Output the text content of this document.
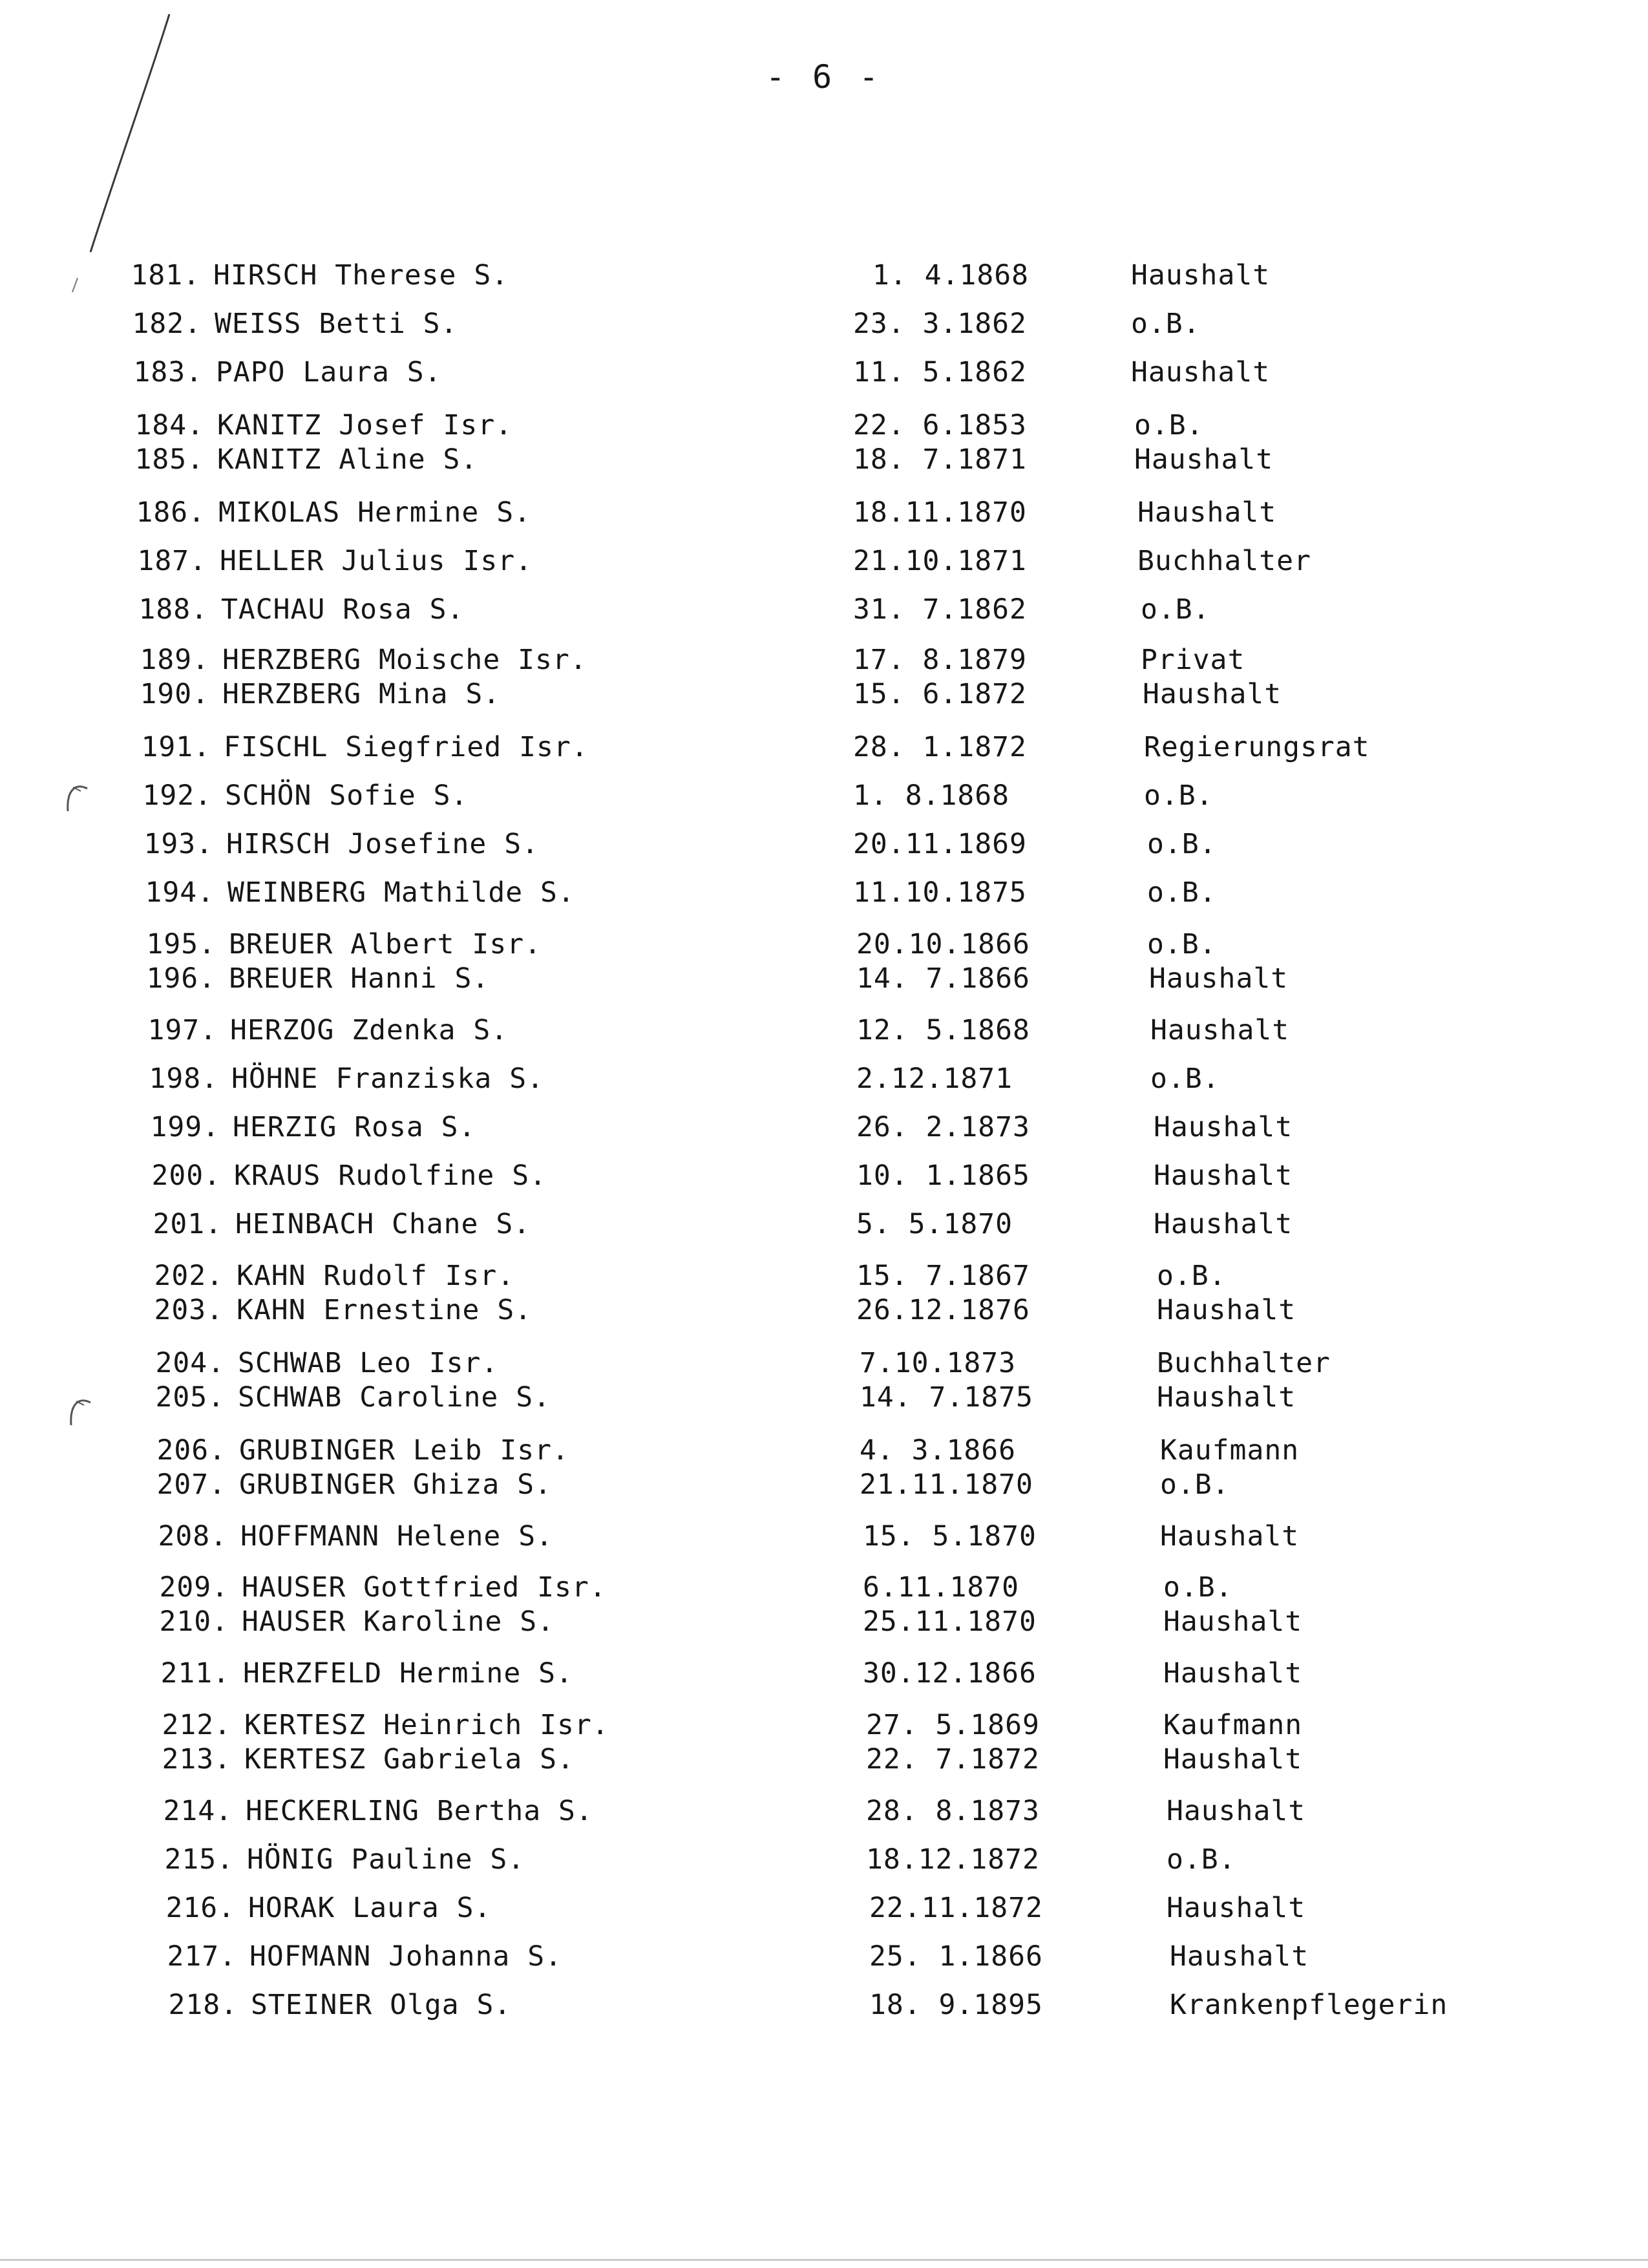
- 6 -
181. HIRSCH Therese S.	1. 4.1868	Haushalt
182. WEISS Betti S.	23. 3.1862	o.B.
183. PAPO Laura S.	11. 5.1862	Haushalt
184. KANITZ Josef Isr.	22. 6.1853	o.B.
185. KANITZ Aline S.	18. 7.1871	Haushalt
186. MIKOLAS Hermine S.	18.11.1870	Haushalt
187. HELLER Julius Isr.	21.10.1871	Buchhalter
188. TACHAU Rosa S.	31. 7.1862	o.B.
189. HERZBERG Moische Isr.	17. 8.1879	Privat
190. HERZBERG Mina S.	15. 6.1872	Haushalt
191. FISCHL Siegfried Isr.	28. 1.1872	Regierungsrat
192. SCHÖN Sofie S.	1. 8.1868	o.B.
193. HIRSCH Josefine S.	20.11.1869	o.B.
194. WEINBERG Mathilde S.	11.10.1875	o.B.
195. BREUER Albert Isr.	20.10.1866	o.B.
196. BREUER Hanni S.	14. 7.1866	Haushalt
197. HERZOG Zdenka S.	12. 5.1868	Haushalt
198. HÖHNE Franziska S.	2.12.1871	o.B.
199. HERZIG Rosa S.	26. 2.1873	Haushalt
200. KRAUS Rudolfine S.	10. 1.1865	Haushalt
201. HEINBACH Chane S.	5. 5.1870	Haushalt
202. KAHN Rudolf Isr.	15. 7.1867	o.B.
203. KAHN Ernestine S.	26.12.1876	Haushalt
204. SCHWAB Leo Isr.	7.10.1873	Buchhalter
205. SCHWAB Caroline S.	14. 7.1875	Haushalt
206. GRUBINGER Leib Isr.	4. 3.1866	Kaufmann
207. GRUBINGER Ghiza S.	21.11.1870	o.B.
208. HOFFMANN Helene S.	15. 5.1870	Haushalt
209. HAUSER Gottfried Isr.	6.11.1870	o.B.
210. HAUSER Karoline S.	25.11.1870	Haushalt
211. HERZFELD Hermine S.	30.12.1866	Haushalt
212. KERTESZ Heinrich Isr.	27. 5.1869	Kaufmann
213. KERTESZ Gabriela S.	22. 7.1872	Haushalt
214. HECKERLING Bertha S.	28. 8.1873	Haushalt
215. HÖNIG Pauline S.	18.12.1872	o.B.
216. HORAK Laura S.	22.11.1872	Haushalt
217. HOFMANN Johanna S.	25. 1.1866	Haushalt
218. STEINER Olga S.	18. 9.1895	Krankenpflegerin
